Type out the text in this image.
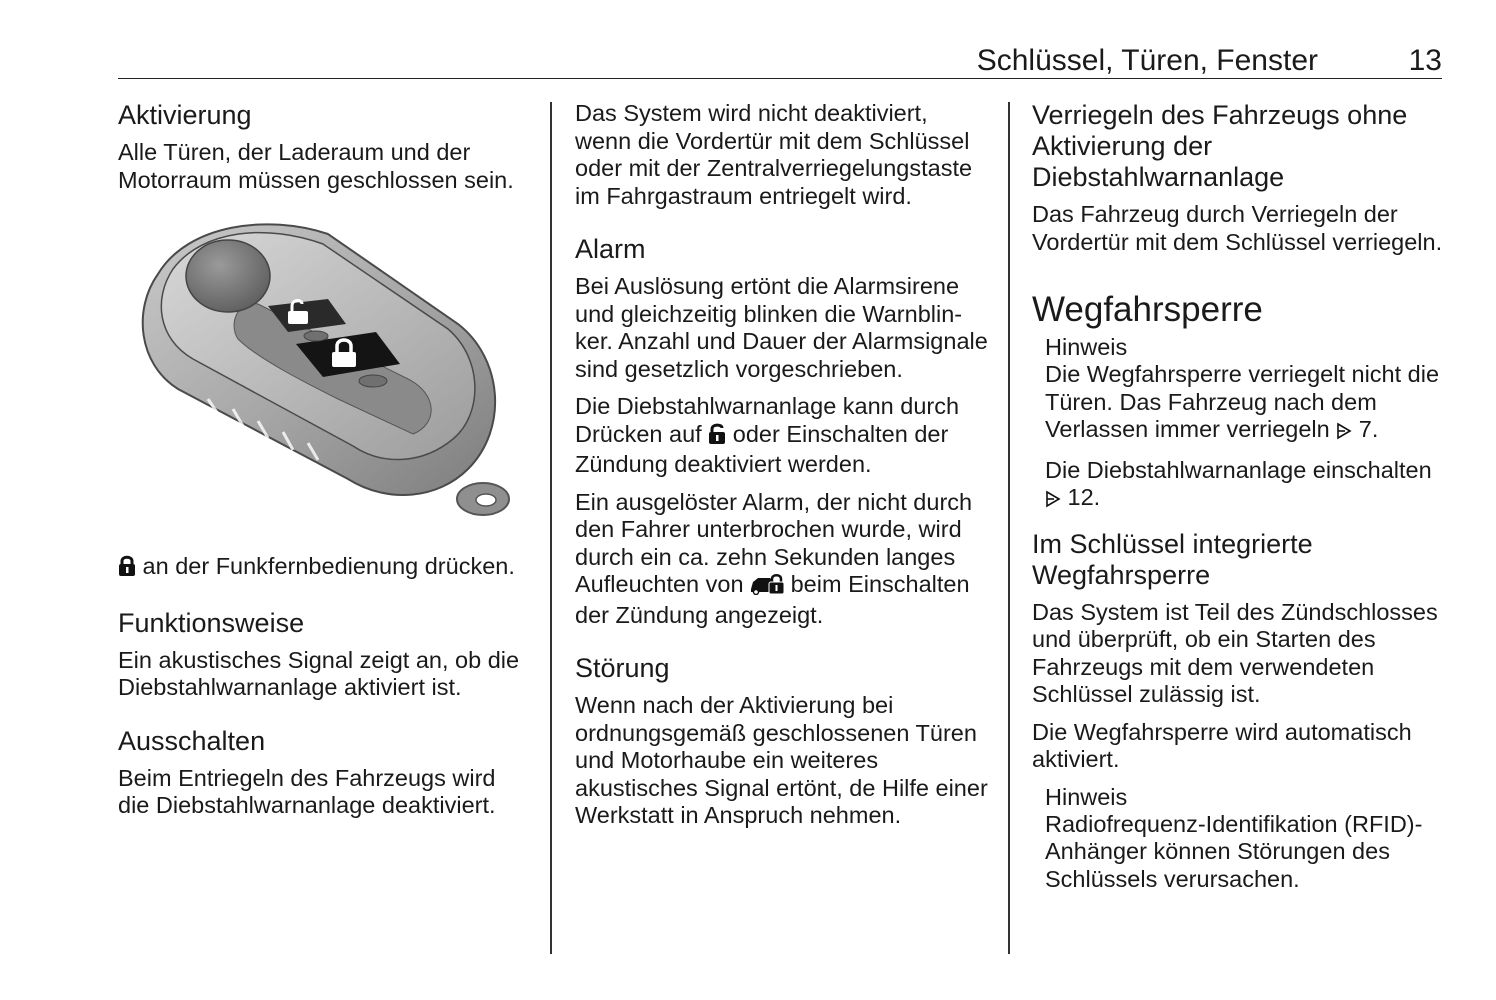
Schlüssel, Türen, Fenster	13
Aktivierung

Alle Türen, der Laderaum und der Motorraum müssen geschlossen sein.

an der Funkfernbedienung drücken.

Funktionsweise

Ein akustisches Signal zeigt an, ob die Diebstahlwarnanlage aktiviert ist.

Ausschalten

Beim Entriegeln des Fahrzeugs wird die Diebstahlwarnanlage deaktiviert.

Das System wird nicht deaktiviert, wenn die Vordertür mit dem Schlüssel oder mit der Zentralverriegelungstaste im Fahrgastraum entriegelt wird.

Alarm

Bei Auslösung ertönt die Alarmsirene und gleichzeitig blinken die Warnblinker. Anzahl und Dauer der Alarmsignale sind gesetzlich vorgeschrieben.

Die Diebstahlwarnanlage kann durch Drücken auf oder Einschalten der Zündung deaktiviert werden.

Ein ausgelöster Alarm, der nicht durch den Fahrer unterbrochen wurde, wird durch ein ca. zehn Sekunden langes Aufleuchten von beim Einschalten der Zündung angezeigt.

Störung

Wenn nach der Aktivierung bei ordnungsgemäß geschlossenen Türen und Motorhaube ein weiteres akustisches Signal ertönt, de Hilfe einer Werkstatt in Anspruch nehmen.

Verriegeln des Fahrzeugs ohne Aktivierung der Diebstahlwarnanlage

Das Fahrzeug durch Verriegeln der Vordertür mit dem Schlüssel verriegeln.

Wegfahrsperre

Hinweis

Die Wegfahrsperre verriegelt nicht die Türen. Das Fahrzeug nach dem Verlassen immer verriegeln 7.

Die Diebstahlwarnanlage einschalten  12.

Im Schlüssel integrierte Wegfahrsperre

Das System ist Teil des Zündschlosses und überprüft, ob ein Starten des Fahrzeugs mit dem verwendeten Schlüssel zulässig ist.

Die Wegfahrsperre wird automatisch aktiviert.

Hinweis

Radiofrequenz-Identifikation (RFID)-Anhänger können Störungen des Schlüssels verursachen.
